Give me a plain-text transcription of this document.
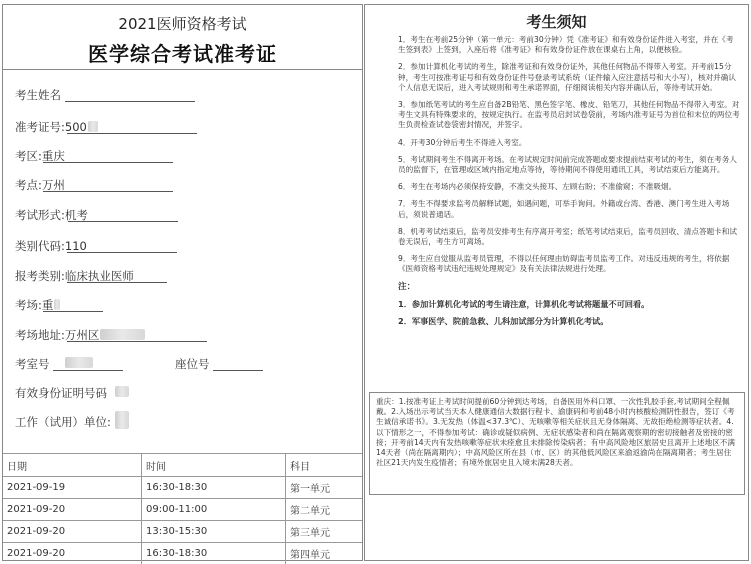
2021医师资格考试
医学综合考试准考证
考生姓名
准考证号:500
考区:重庆
考点:万州
考试形式:机考
类别代码:110
报考类别:临床执业医师
考场:重
考场地址:万州区
考室号	座位号
有效身份证明号码
工作（试用）单位:
日期	时间	科目
2021-09-19	16:30-18:30	第一单元
2021-09-20	09:00-11:00	第二单元
2021-09-20	13:30-15:30	第三单元
2021-09-20	16:30-18:30	第四单元
考生须知

1．考生在考前25分钟（第一单元：考前30分钟）凭《准考证》和有效身份证件进入考室，并在《考生签到表》上签到，入座后将《准考证》和有效身份证件放在课桌右上角，以便核验。

2．参加计算机化考试的考生，除准考证和有效身份证外，其他任何物品不得带入考室。开考前15分钟，考生可按准考证号和有效身份证件号登录考试系统（证件输入应注意括号和大小写），核对并确认个人信息无误后，进入考试规则和考生承诺界面，仔细阅读相关内容并确认后，等待考试开始。

3．参加纸笔考试的考生应自备2B铅笔、黑色签字笔、橡皮、铅笔刀，其他任何物品不得带入考室。对考生文具有特殊要求的，按规定执行。在监考员启封试卷袋前，考场内准考证号为首位和末位的两位考生负责检查试卷袋密封情况，并签字。

4．开考30分钟后考生不得进入考室。

5．考试期间考生不得离开考场。在考试规定时间前完成答题或要求提前结束考试的考生，须在考务人员的监督下，在管理或区域内指定地点等待，等待期间不得使用通讯工具，考试结束后方能离开。

6．考生在考场内必须保持安静，不准交头接耳、左顾右盼；不准偷窥；不准吸烟。

7．考生不得要求监考员解释试题，如遇问题，可举手询问。外籍或台湾、香港、澳门考生进入考场后，须说普通话。

8．机考考试结束后，监考员安排考生有序离开考室；纸笔考试结束后，监考员回收、清点答题卡和试卷无误后，考生方可离场。

9．考生应自觉服从监考员管理，不得以任何理由妨碍监考员监考工作。对违反违规的考生，将依据《医师资格考试违纪违规处理规定》及有关法律法规进行处理。

注：

1．参加计算机化考试的考生请注意，计算机化考试将题量不可回看。

2．军事医学、院前急救、儿科加试部分为计算机化考试。

重庆：1.按准考证上考试时间提前60分钟到达考场，自备医用外科口罩、一次性乳胶手套,考试期间全程佩戴。2.入场出示考试当天本人健康通信大数据行程卡、渝康码和考前48小时内核酸检测阴性报告，签订《考生诚信承诺书》。3.无发热（体温<37.3℃）、无咳嗽等相关症状且无身体隔离、无故拒绝检测等症状者。4.以下情形之一，不得参加考试：确诊或疑似病例、无症状感染者和尚在隔离观察期的密切接触者及密接的密接；开考前14天内有发热咳嗽等症状未痊愈且未排除传染病者；有中高风险地区旅居史且离开上述地区不满14天者（尚在隔离期内）；中高风险区所在县（市、区）的其他低风险区来渝返渝尚在隔离期者；考生居住社区21天内发生疫情者；有境外旅居史且入境未满28天者。
